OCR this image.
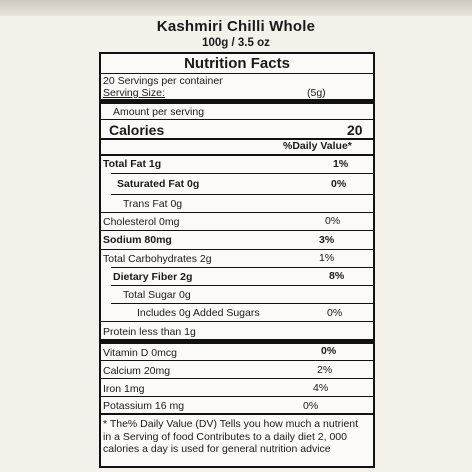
Kashmiri Chilli Whole
100g / 3.5 oz
Nutrition Facts
20 Servings per container
Serving Size:	(5g)
Amount per serving
Calories	20
%Daily Value*
Total Fat 1g	1%
Saturated Fat 0g	0%
Trans Fat 0g
Cholesterol 0mg	0%
Sodium 80mg	3%
Total Carbohydrates 2g	1%
Dietary Fiber 2g	8%
Total Sugar 0g
Includes 0g Added Sugars	0%
Protein less than 1g
Vitamin D 0mcg	0%
Calcium 20mg	2%
Iron 1mg	4%
Potassium 16 mg	0%
* The% Daily Value (DV) Tells you how much a nutrient in a Serving of food Contributes to a daily diet 2, 000 calories a day is used for general nutrition advice
